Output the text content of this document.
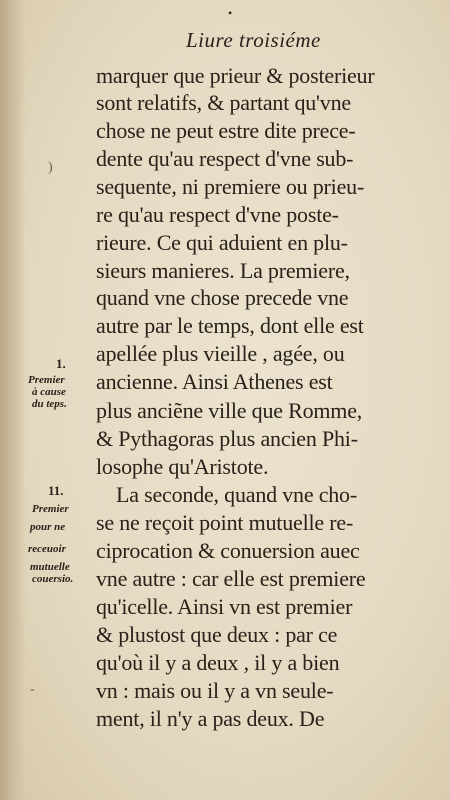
•
Liure troisiéme
marquer que prieur & posterieur
sont relatifs, & partant qu'vne
chose ne peut estre dite prece-
dente qu'au respect d'vne sub-
sequente, ni premiere ou prieu-
re qu'au respect d'vne poste-
rieure. Ce qui aduient en plu-
sieurs manieres. La premiere,
quand vne chose precede vne
autre par le temps, dont elle est
apellée plus vieille , agée, ou
ancienne. Ainsi Athenes est
plus anciẽne ville que Romme,
& Pythagoras plus ancien Phi-
losophe qu'Aristote.
La seconde, quand vne cho-
se ne reçoit point mutuelle re-
ciprocation & conuersion auec
vne autre : car elle est premiere
qu'icelle. Ainsi vn est premier
& plustost que deux : par ce
qu'où il y a deux , il y a bien
vn : mais ou il y a vn seule-
ment, il n'y a pas deux. De
1.
Premier
à cause
du teps.
11.
Premier
pour ne
receuoir
mutuelle
couersio.
)
-
